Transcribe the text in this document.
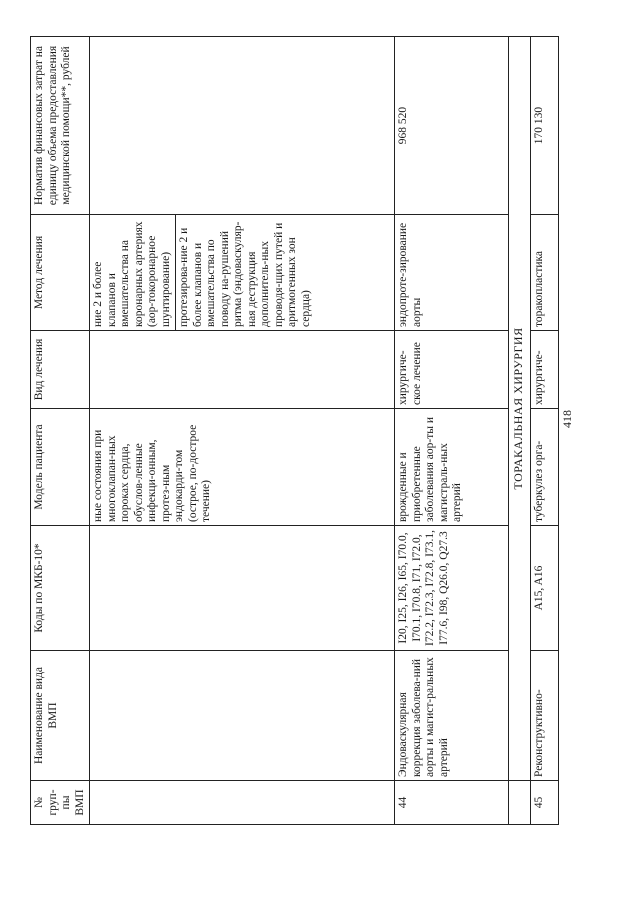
418
№ груп-пы ВМП	Наименование вида ВМП	Коды по МКБ-10*	Модель пациента	Вид лечения	Метод лечения	Норматив финансовых затрат на единицу объема предоставления медицинской помощи**, рублей
			ные состояния при многоклапан-ных пороках сердца, обуслов-ленные инфекци-онным, протез-ным эндокарди-том (острое, по-дострое течение)		ние 2 и более клапанов и вмешательства на коронарных артериях (аор-токоронарное шунтирование) протезирова-ние 2 и более клапанов и вмешательства по поводу на-рушений ритма (эндоваскуляр-ная деструкция дополнитель-ных проводя-щих путей и аритмогенных зон сердца)	

44	Эндоваскулярная коррекция заболева-ний аорты и магист-ральных артерий	I20, I25, I26, I65, I70.0, I70.1, I70.8, I71, I72.0, I72.2, I72.3, I72.8, I73.1, I77.6, I98, Q26.0, Q27.3	врожденные и приобретенные заболевания аор-ты и магистраль-ных артерий	хирургиче-ское лечение	эндопроте-зирование аорты	968 520
	ТОРАКАЛЬНАЯ ХИРУРГИЯ					
45	Реконструктивно-	A15, A16	туберкулез орга-	хирургиче-	торакопластика	170 130
